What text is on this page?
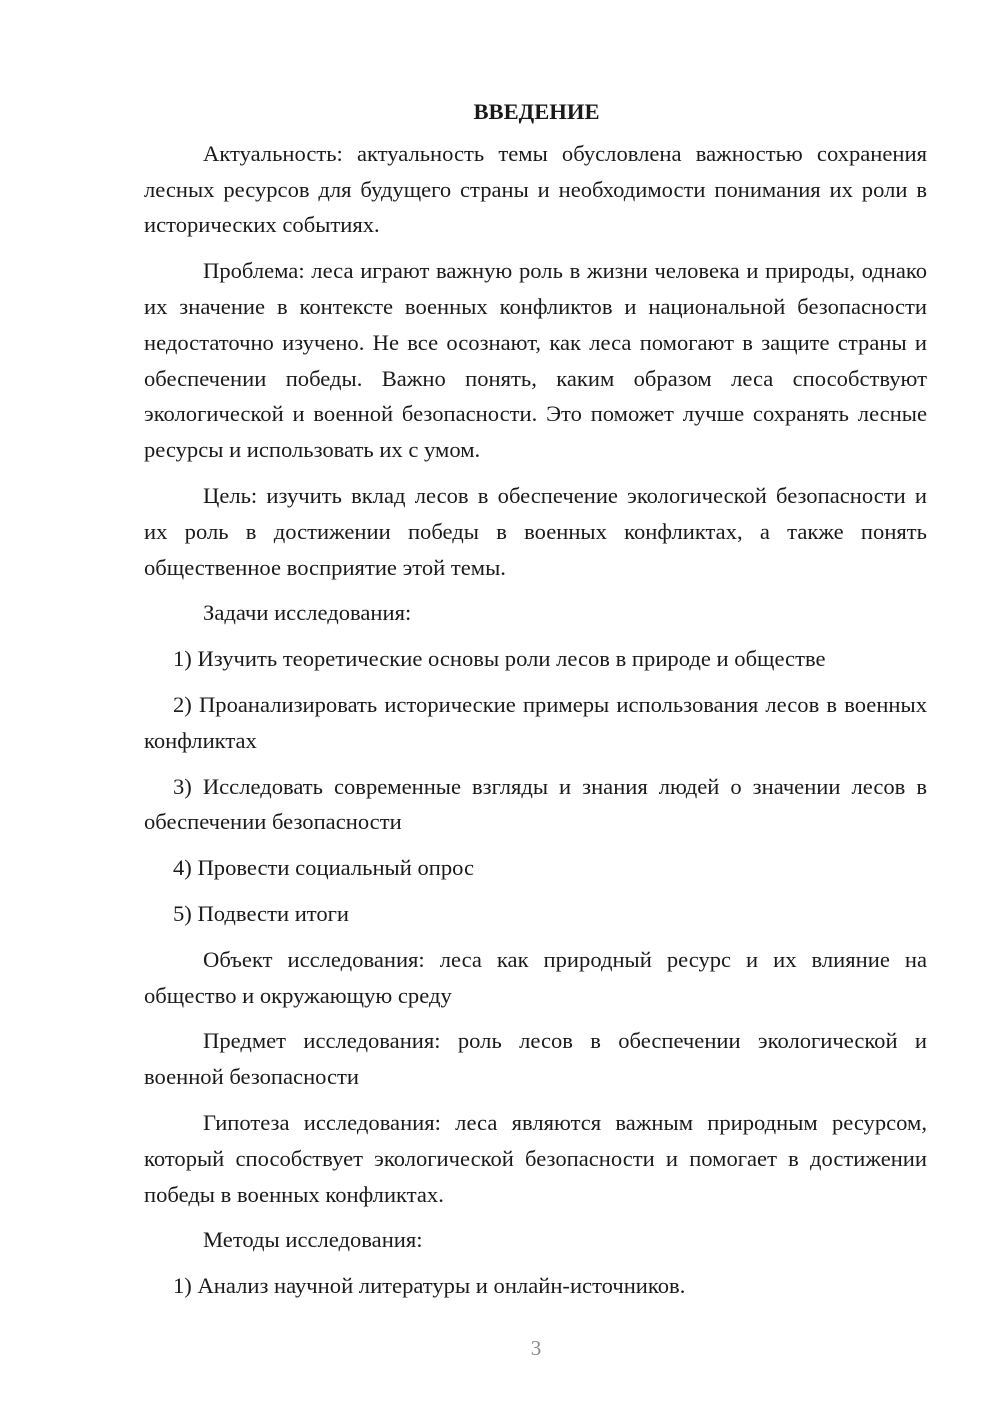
ВВЕДЕНИЕ

Актуальность: актуальность темы обусловлена важностью сохранения лесных ресурсов для будущего страны и необходимости понимания их роли в исторических событиях.

Проблема: леса играют важную роль в жизни человека и природы, однако их значение в контексте военных конфликтов и национальной безопасности недостаточно изучено. Не все осознают, как леса помогают в защите страны и обеспечении победы. Важно понять, каким образом леса способствуют экологической и военной безопасности. Это поможет лучше сохранять лесные ресурсы и использовать их с умом.

Цель: изучить вклад лесов в обеспечение экологической безопасности и их роль в достижении победы в военных конфликтах, а также понять общественное восприятие этой темы.

Задачи исследования:

1) Изучить теоретические основы роли лесов в природе и обществе

2) Проанализировать исторические примеры использования лесов в военных конфликтах

3) Исследовать современные взгляды и знания людей о значении лесов в обеспечении безопасности

4) Провести социальный опрос

5) Подвести итоги

Объект исследования: леса как природный ресурс и их влияние на общество и окружающую среду

Предмет исследования: роль лесов в обеспечении экологической и военной безопасности

Гипотеза исследования: леса являются важным природным ресурсом, который способствует экологической безопасности и помогает в достижении победы в военных конфликтах.

Методы исследования:

1) Анализ научной литературы и онлайн-источников.

3
